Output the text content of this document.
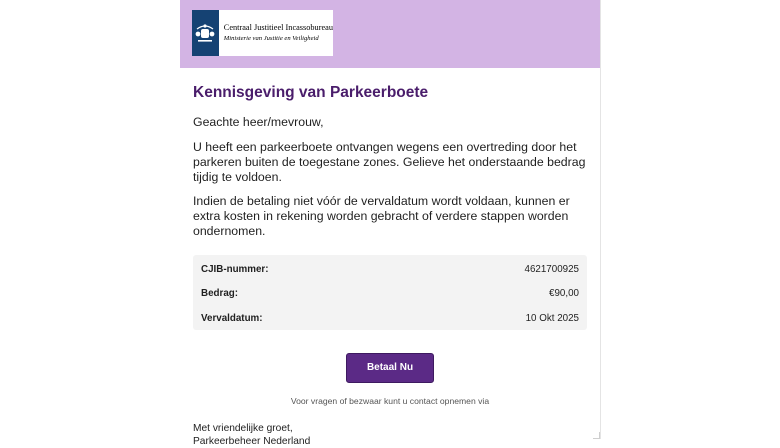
Centraal Justitieel Incassobureau
Ministerie van Justitie en Veiligheid
Kennisgeving van Parkeerboete
Geachte heer/mevrouw,
U heeft een parkeerboete ontvangen wegens een overtreding door het parkeren buiten de toegestane zones. Gelieve het onderstaande bedrag tijdig te voldoen.
Indien de betaling niet vóór de vervaldatum wordt voldaan, kunnen er extra kosten in rekening worden gebracht of verdere stappen worden ondernomen.
CJIB-nummer:	4621700925
Bedrag:	€90,00
Vervaldatum:	10 Okt 2025
Betaal Nu
Voor vragen of bezwaar kunt u contact opnemen via
Met vriendelijke groet,
Parkeerbeheer Nederland
